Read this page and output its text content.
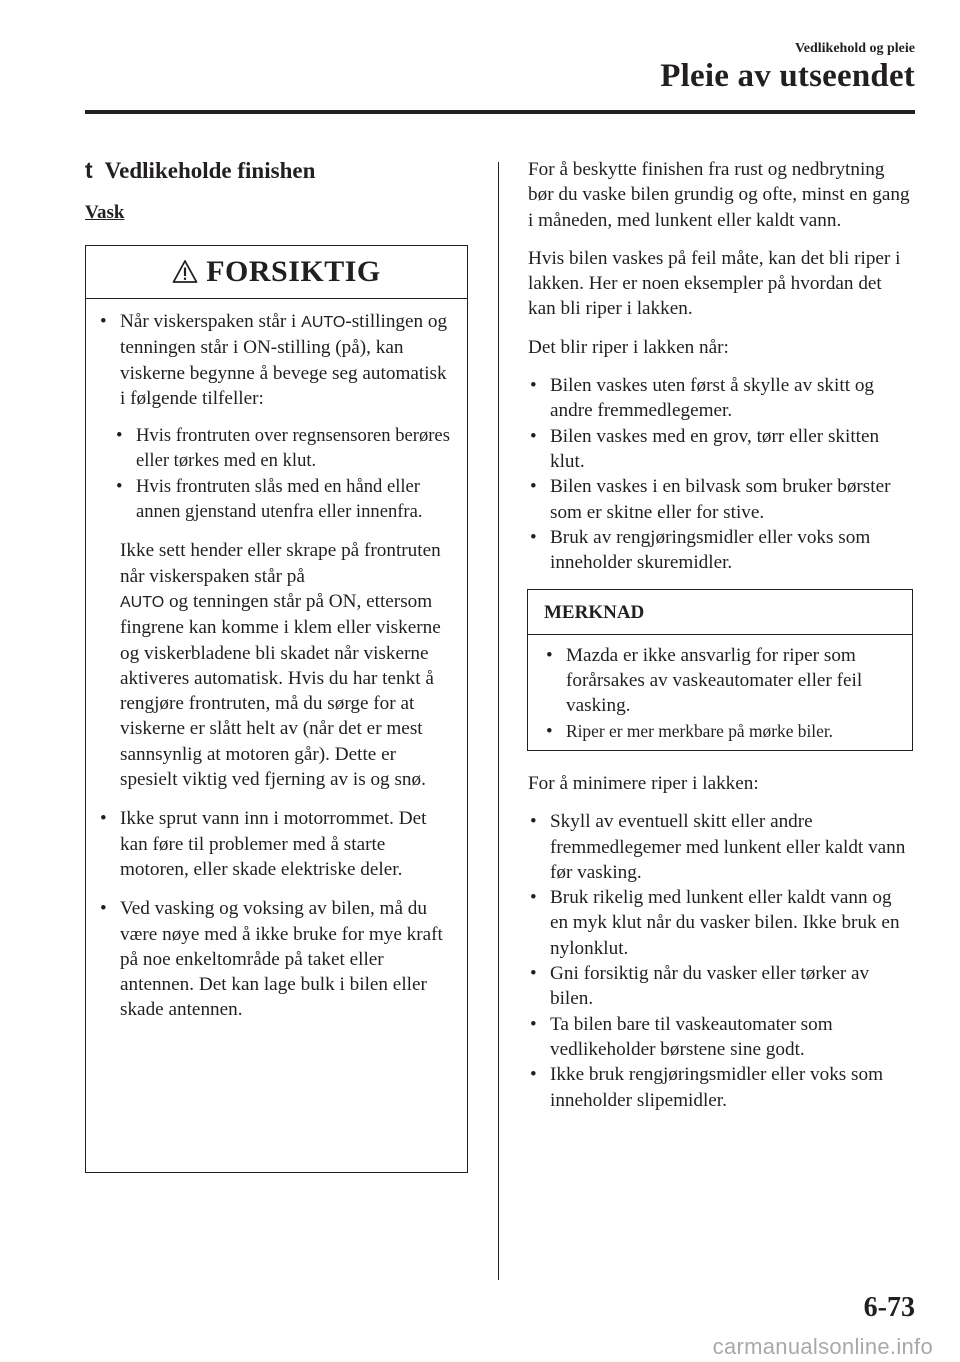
Vedlikehold og pleie
Pleie av utseendet
t Vedlikeholde finishen
Vask
FORSIKTIG
• Når viskerspaken står i AUTO-stillingen og tenningen står i ON-stilling (på), kan viskerne begynne å bevege seg automatisk i følgende tilfeller:
• Hvis frontruten over regnsensoren berøres eller tørkes med en klut.
• Hvis frontruten slås med en hånd eller annen gjenstand utenfra eller innenfra.

Ikke sett hender eller skrape på frontruten når viskerspaken står på
AUTO og tenningen står på ON, ettersom fingrene kan komme i klem eller viskerne og viskerbladene bli skadet når viskerne aktiveres automatisk. Hvis du har tenkt å rengjøre frontruten, må du sørge for at viskerne er slått helt av (når det er mest sannsynlig at motoren går). Dette er spesielt viktig ved fjerning av is og snø.

• Ikke sprut vann inn i motorrommet. Det kan føre til problemer med å starte motoren, eller skade elektriske deler.
• Ved vasking og voksing av bilen, må du være nøye med å ikke bruke for mye kraft på noe enkeltområde på taket eller antennen. Det kan lage bulk i bilen eller skade antennen.

For å beskytte finishen fra rust og nedbrytning bør du vaske bilen grundig og ofte, minst en gang i måneden, med lunkent eller kaldt vann.

Hvis bilen vaskes på feil måte, kan det bli riper i lakken. Her er noen eksempler på hvordan det kan bli riper i lakken.

Det blir riper i lakken når:

• Bilen vaskes uten først å skylle av skitt og andre fremmedlegemer.
• Bilen vaskes med en grov, tørr eller skitten klut.
• Bilen vaskes i en bilvask som bruker børster som er skitne eller for stive.
• Bruk av rengjøringsmidler eller voks som inneholder skuremidler.
MERKNAD
• Mazda er ikke ansvarlig for riper som forårsakes av vaskeautomater eller feil vasking.
• Riper er mer merkbare på mørke biler.

For å minimere riper i lakken:

• Skyll av eventuell skitt eller andre fremmedlegemer med lunkent eller kaldt vann før vasking.
• Bruk rikelig med lunkent eller kaldt vann og en myk klut når du vasker bilen. Ikke bruk en nylonklut.
• Gni forsiktig når du vasker eller tørker av bilen.
• Ta bilen bare til vaskeautomater som vedlikeholder børstene sine godt.
• Ikke bruk rengjøringsmidler eller voks som inneholder slipemidler.
6-73
carmanualsonline.info
